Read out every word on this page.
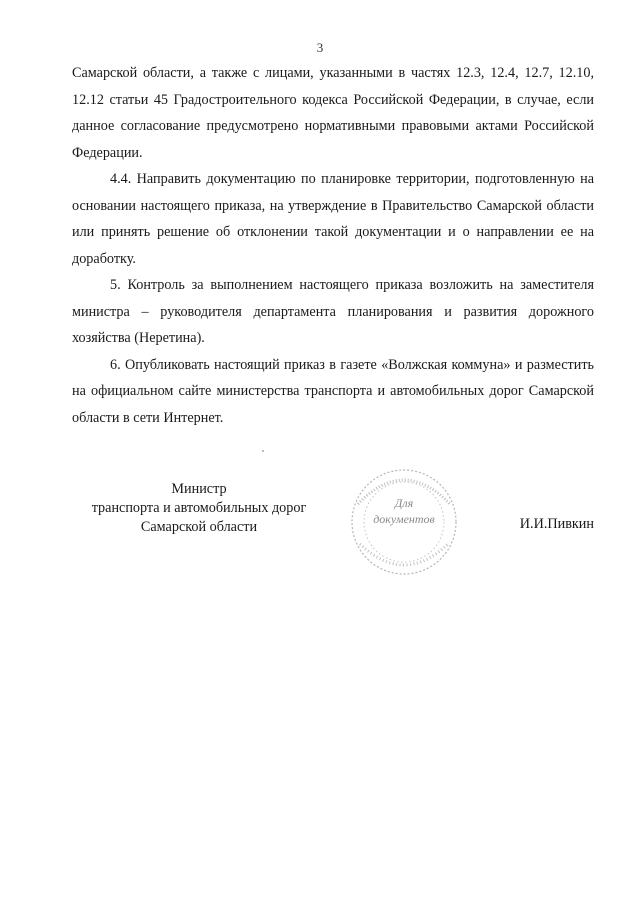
3

Самарской области, а также с лицами, указанными в частях 12.3, 12.4, 12.7, 12.10, 12.12 статьи 45 Градостроительного кодекса Российской Федерации, в случае, если данное согласование предусмотрено нормативными правовыми актами Российской Федерации.

4.4. Направить документацию по планировке территории, подготовленную на основании настоящего приказа, на утверждение в Правительство Самарской области или принять решение об отклонении такой документации и о направлении ее на доработку.

5. Контроль за выполнением настоящего приказа возложить на заместителя министра – руководителя департамента планирования и развития дорожного хозяйства (Неретина).

6. Опубликовать настоящий приказ в газете «Волжская коммуна» и разместить на официальном сайте министерства транспорта и автомобильных дорог Самарской области в сети Интернет.

Министр
транспорта и автомобильных дорог
Самарской области
Для
документов	И.И.Пивкин
